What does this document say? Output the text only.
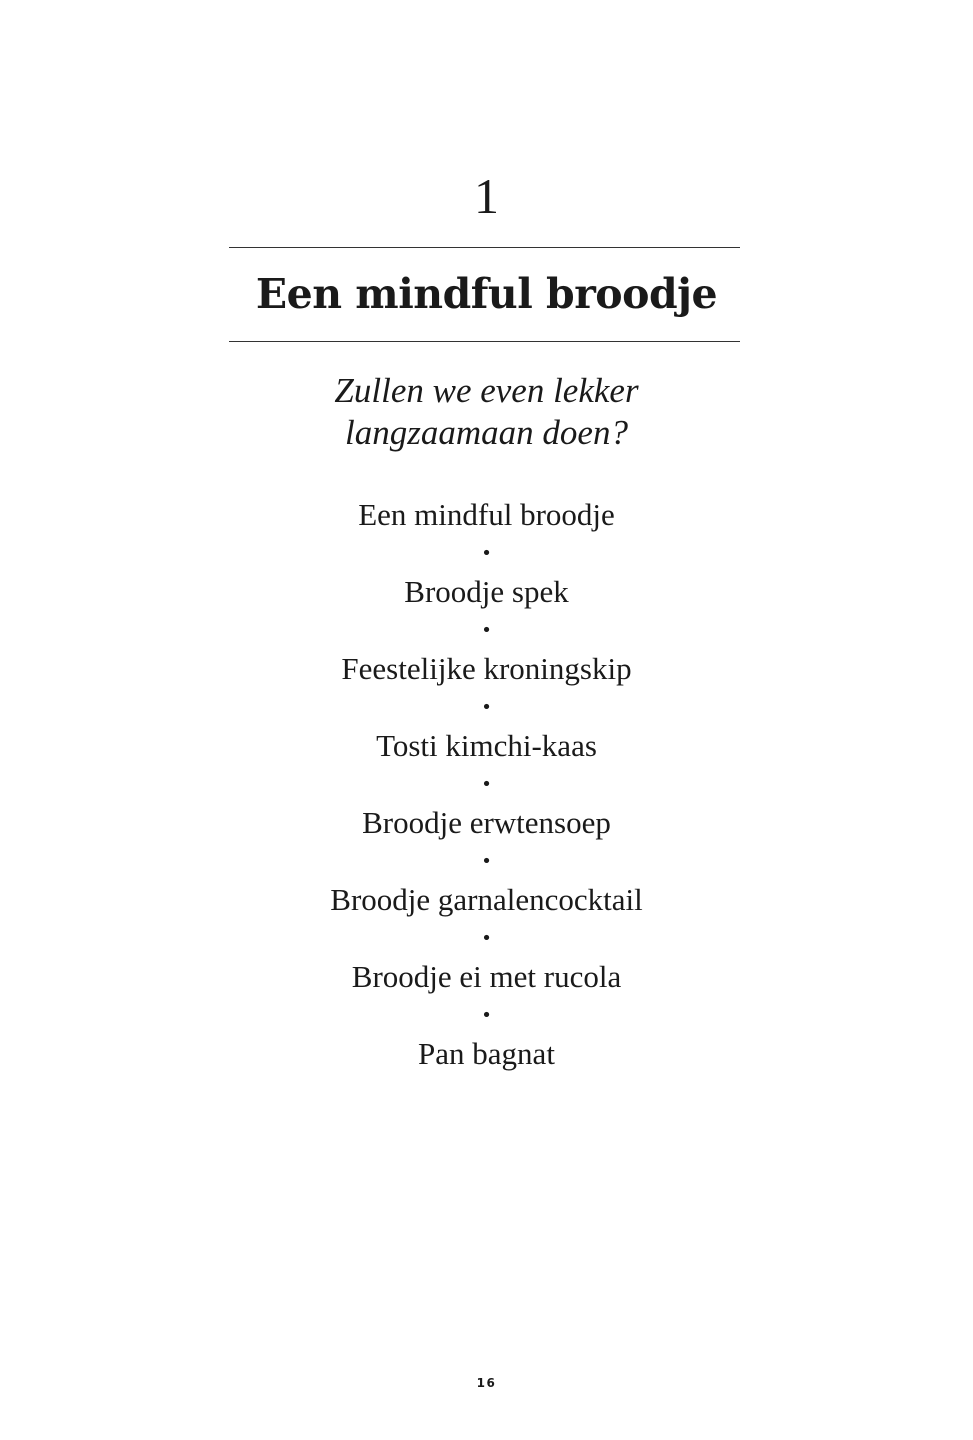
1
Een mindful broodje
Zullen we even lekker
langzaamaan doen?
Een mindful broodje
•
Broodje spek
•
Feestelijke kroningskip
•
Tosti kimchi-kaas
•
Broodje erwtensoep
•
Broodje garnalencocktail
•
Broodje ei met rucola
•
Pan bagnat
16
